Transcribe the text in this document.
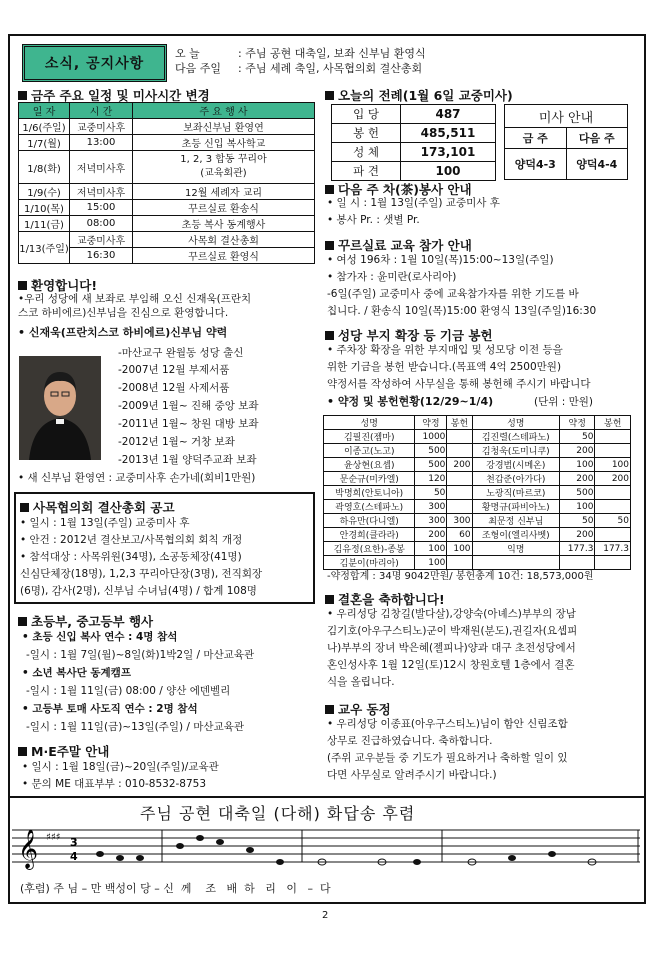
소식, 공지사항
오 늘	: 주님 공현 대축일, 보좌 신부님 환영식
다음 주일 : 주님 세례 축일, 사목협의회 결산총회
금주 주요 일정 및 미사시간 변경
일 자	시 간	주 요 행 사
1/6(주일)	교중미사후	보좌신부님 환영연
1/7(월)	13:00	초등 신입 복사학교
1/8(화)	저녁미사후	1, 2, 3 합동 꾸리아
(교육회관)

1/9(수)	저녁미사후	12월 세례자 교리
1/10(목)	15:00	꾸르실료 환송식
1/11(금)	08:00	초등 복사 동계행사
1/13(주일)	교중미사후	사목회 결산총회
	16:30	꾸르실료 환영식
환영합니다!
•우리 성당에 새 보좌로 부임해 오신 신재욱(프란치
스코 하비에르)신부님을 진심으로 환영합니다.
• 신재욱(프란치스코 하비에르)신부님 약력
-마산교구 완월동 성당 출신
-2007년 12월 부제서품
-2008년 12월 사제서품
-2009년 1월~ 진해 중앙 보좌
-2011년 1월~ 창원 대방 보좌
-2012년 1월~ 거창 보좌
-2013년 1월 양덕주교좌 보좌
• 새 신부님 환영연 : 교중미사후 손가네(회비1만원)
사목협의회 결산총회 공고
• 일시 : 1월 13일(주일) 교중미사 후
• 안건 : 2012년 결산보고/사목협의회 회칙 개정
• 참석대상 : 사목위원(34명), 소공동체장(41명)
신심단체장(18명), 1,2,3 꾸리아단장(3명), 전직회장
(6명), 감사(2명), 신부님 수녀님(4명) / 합계 108명
초등부, 중고등부 행사
• 초등 신입 복사 연수 : 4명 참석
-일시 : 1월 7일(월)~8일(화)1박2일 / 마산교육관
• 소년 복사단 동계캠프
-일시 : 1월 11일(금) 08:00 / 양산 에덴벨리
• 고등부 토매 사도직 연수 : 2명 참석
-일시 : 1월 11일(금)~13일(주일) / 마산교육관
M·E주말 안내
• 일시 : 1월 18일(금)~20일(주일)/교육관
• 문의 ME 대표부부 : 010-8532-8753
오늘의 전례(1월 6일 교중미사)
입 당	487
봉 헌	485,511
성 체	173,101
파 견	100
미사 안내	
금 주	다음 주
양덕4-3	양덕4-4
다음 주 차(茶)봉사 안내
• 일 시 : 1월 13일(주일) 교중미사 후
• 봉사 Pr. : 샛별 Pr.
꾸르실료 교육 참가 안내
• 여성 196차 : 1월 10일(목)15:00~13일(주일)
• 참가자 : 윤미란(로사리아)
-6일(주일) 교중미사 중에 교육참가자를 위한 기도를 바
칩니다. / 환송식 10일(목)15:00 환영식 13일(주일)16:30
성당 부지 확장 등 기금 봉헌
• 주차장 확장을 위한 부지매입 및 성모당 이전 등을
위한 기금을 봉헌 받습니다.(목표액 4억 2500만원)
약정서를 작성하여 사무실을 통해 봉헌해 주시기 바랍니다
• 약정 및 봉헌현황(12/29~1/4)	(단위 : 만원)
성명	약정	봉헌	성명	약정	봉헌
김필진(젬마)	1000		김진렬(스테파노)	50	
이종고(노고)	500		김청욱(도미니쿠)	200	
윤상현(요셉)	500	200	강경범(시메온)	100	100
문순규(미카엘)	120		천갑준(아가다)	200	200
박명희(안토니아)	50		노광직(마르코)	500	
곽영호(스테파노)	300		황명규(파비아노)	100	
하유만(다니엘)	300	300	최문정 신부님	50	50
안경희(클라라)	200	60	조형이(엘리사벳)	200	
김유정(요한)-종봉	100	100	익명	177.3	177.3
김분이(마리아)	100				
-약정합계 : 34명 9042만원/ 봉헌총계 10건: 18,573,000원
결혼을 축하합니다!
• 우리성당 김창길(발다살),강양숙(아녜스)부부의 장남
김기호(아우구스티노)군이 박재원(분도),권길자(요셉피
나)부부의 장녀 박은혜(젤피나)양과 대구 초전성당에서
혼인성사후 1월 12일(토)12시 창원호텔 1층에서 결혼
식을 올립니다.
교우 동정
• 우리성당 이종표(아우구스티노)님이 함안 신림조합
상무로 진급하였습니다. 축하합니다.
(주위 교우분들 중 기도가 필요하거나 축하할 일이 있
다면 사무실로 알려주시기 바랍니다.)
주님 공현 대축일 (다해) 화답송 후렴
𝄞 ♯♯♯ 3
4
(후렴) 주 님 – 만 백성이 당 – 신  께    조   배  하   리   이   –  다
2
